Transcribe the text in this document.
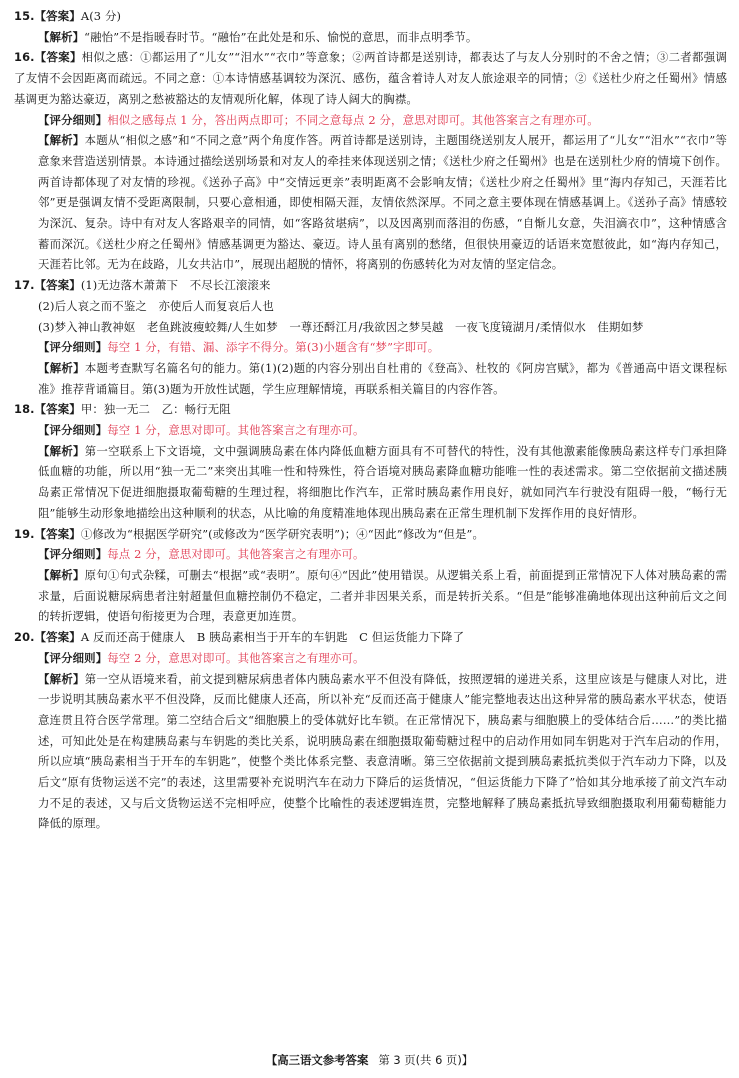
15.【答案】A(3 分)

【解析】“融怡”不是指暖春时节。“融怡”在此处是和乐、愉悦的意思，而非点明季节。

16.【答案】相似之感：①都运用了“儿女”“泪水”“衣巾”等意象；②两首诗都是送别诗，都表达了与友人分别时的不舍之情；③二者都强调了友情不会因距离而疏远。不同之意：①本诗情感基调较为深沉、感伤，蕴含着诗人对友人旅途艰辛的同情；②《送杜少府之任蜀州》情感基调更为豁达豪迈，离别之愁被豁达的友情观所化解，体现了诗人阔大的胸襟。

【评分细则】相似之感每点 1 分，答出两点即可；不同之意每点 2 分，意思对即可。其他答案言之有理亦可。

【解析】本题从“相似之感”和“不同之意”两个角度作答。两首诗都是送别诗，主题围绕送别友人展开，都运用了“儿女”“泪水”“衣巾”等意象来营造送别情景。本诗通过描绘送别场景和对友人的牵挂来体现送别之情；《送杜少府之任蜀州》也是在送别杜少府的情境下创作。两首诗都体现了对友情的珍视。《送孙子高》中“交情远更亲”表明距离不会影响友情；《送杜少府之任蜀州》里“海内存知己，天涯若比邻”更是强调友情不受距离限制，只要心意相通，即使相隔天涯，友情依然深厚。不同之意主要体现在情感基调上。《送孙子高》情感较为深沉、复杂。诗中有对友人客路艰辛的同情，如“客路贫堪病”，以及因离别而落泪的伤感，“自惭儿女意，失泪滴衣巾”，这种情感含蓄而深沉。《送杜少府之任蜀州》情感基调更为豁达、豪迈。诗人虽有离别的愁绪，但很快用豪迈的话语来宽慰彼此，如“海内存知己，天涯若比邻。无为在歧路，儿女共沾巾”，展现出超脱的情怀，将离别的伤感转化为对友情的坚定信念。

17.【答案】(1)无边落木萧萧下　不尽长江滚滚来

(2)后人哀之而不鉴之　亦使后人而复哀后人也

(3)梦入神山教神妪　老鱼跳波瘦蛟舞/人生如梦　一尊还酹江月/我欲因之梦吴越　一夜飞度镜湖月/柔情似水　佳期如梦

【评分细则】每空 1 分，有错、漏、添字不得分。第(3)小题含有“梦”字即可。

【解析】本题考查默写名篇名句的能力。第(1)(2)题的内容分别出自杜甫的《登高》、杜牧的《阿房宫赋》，都为《普通高中语文课程标准》推荐背诵篇目。第(3)题为开放性试题，学生应理解情境，再联系相关篇目的内容作答。

18.【答案】甲：独一无二　乙：畅行无阻

【评分细则】每空 1 分，意思对即可。其他答案言之有理亦可。

【解析】第一空联系上下文语境，文中强调胰岛素在体内降低血糖方面具有不可替代的特性，没有其他激素能像胰岛素这样专门承担降低血糖的功能，所以用“独一无二”来突出其唯一性和特殊性，符合语境对胰岛素降血糖功能唯一性的表述需求。第二空依据前文描述胰岛素正常情况下促进细胞摄取葡萄糖的生理过程，将细胞比作汽车，正常时胰岛素作用良好，就如同汽车行驶没有阻碍一般，“畅行无阻”能够生动形象地描绘出这种顺利的状态，从比喻的角度精准地体现出胰岛素在正常生理机制下发挥作用的良好情形。

19.【答案】①修改为“根据医学研究”(或修改为“医学研究表明”)；④“因此”修改为“但是”。

【评分细则】每点 2 分，意思对即可。其他答案言之有理亦可。

【解析】原句①句式杂糅，可删去“根据”或“表明”。原句④“因此”使用错误。从逻辑关系上看，前面提到正常情况下人体对胰岛素的需求量，后面说糖尿病患者注射超量但血糖控制仍不稳定，二者并非因果关系，而是转折关系。“但是”能够准确地体现出这种前后文之间的转折逻辑，使语句衔接更为合理，表意更加连贯。

20.【答案】A 反而还高于健康人　B 胰岛素相当于开车的车钥匙　C 但运货能力下降了

【评分细则】每空 2 分，意思对即可。其他答案言之有理亦可。

【解析】第一空从语境来看，前文提到糖尿病患者体内胰岛素水平不但没有降低，按照逻辑的递进关系，这里应该是与健康人对比，进一步说明其胰岛素水平不但没降，反而比健康人还高，所以补充“反而还高于健康人”能完整地表达出这种异常的胰岛素水平状态，使语意连贯且符合医学常理。第二空结合后文“细胞膜上的受体就好比车锁。在正常情况下，胰岛素与细胞膜上的受体结合后……”的类比描述，可知此处是在构建胰岛素与车钥匙的类比关系，说明胰岛素在细胞摄取葡萄糖过程中的启动作用如同车钥匙对于汽车启动的作用，所以应填“胰岛素相当于开车的车钥匙”，使整个类比体系完整、表意清晰。第三空依据前文提到胰岛素抵抗类似于汽车动力下降，以及后文“原有货物运送不完”的表述，这里需要补充说明汽车在动力下降后的运货情况，“但运货能力下降了”恰如其分地承接了前文汽车动力不足的表述，又与后文货物运送不完相呼应，使整个比喻性的表述逻辑连贯，完整地解释了胰岛素抵抗导致细胞摄取利用葡萄糖能力降低的原理。

【高三语文参考答案 第 3 页(共 6 页)】
